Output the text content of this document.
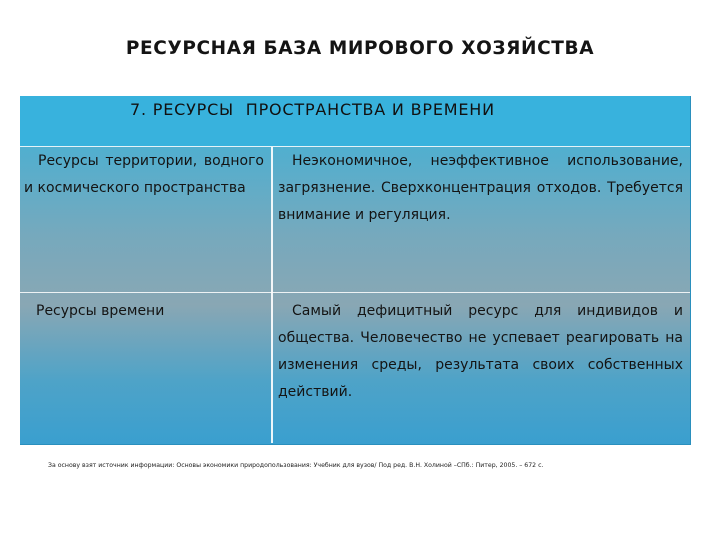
РЕСУРСНАЯ БАЗА МИРОВОГО ХОЗЯЙСТВА
7. РЕСУРСЫ  ПРОСТРАНСТВА И ВРЕМЕНИ
Ресурсы территории, водного и космического пространства
Неэкономичное, неэффективное использование, загрязнение. Сверхконцентрация отходов. Требуется внимание и регуляция.
Ресурсы времени	Самый дефицитный ресурс для индивидов и общества. Человечество не успевает реагировать на изменения среды, результата своих собственных действий.
За основу взят источник информации: Основы экономики природопользования: Учебник для вузов/ Под ред. В.Н. Холиной –СПб.: Питер, 2005. – 672 с.
